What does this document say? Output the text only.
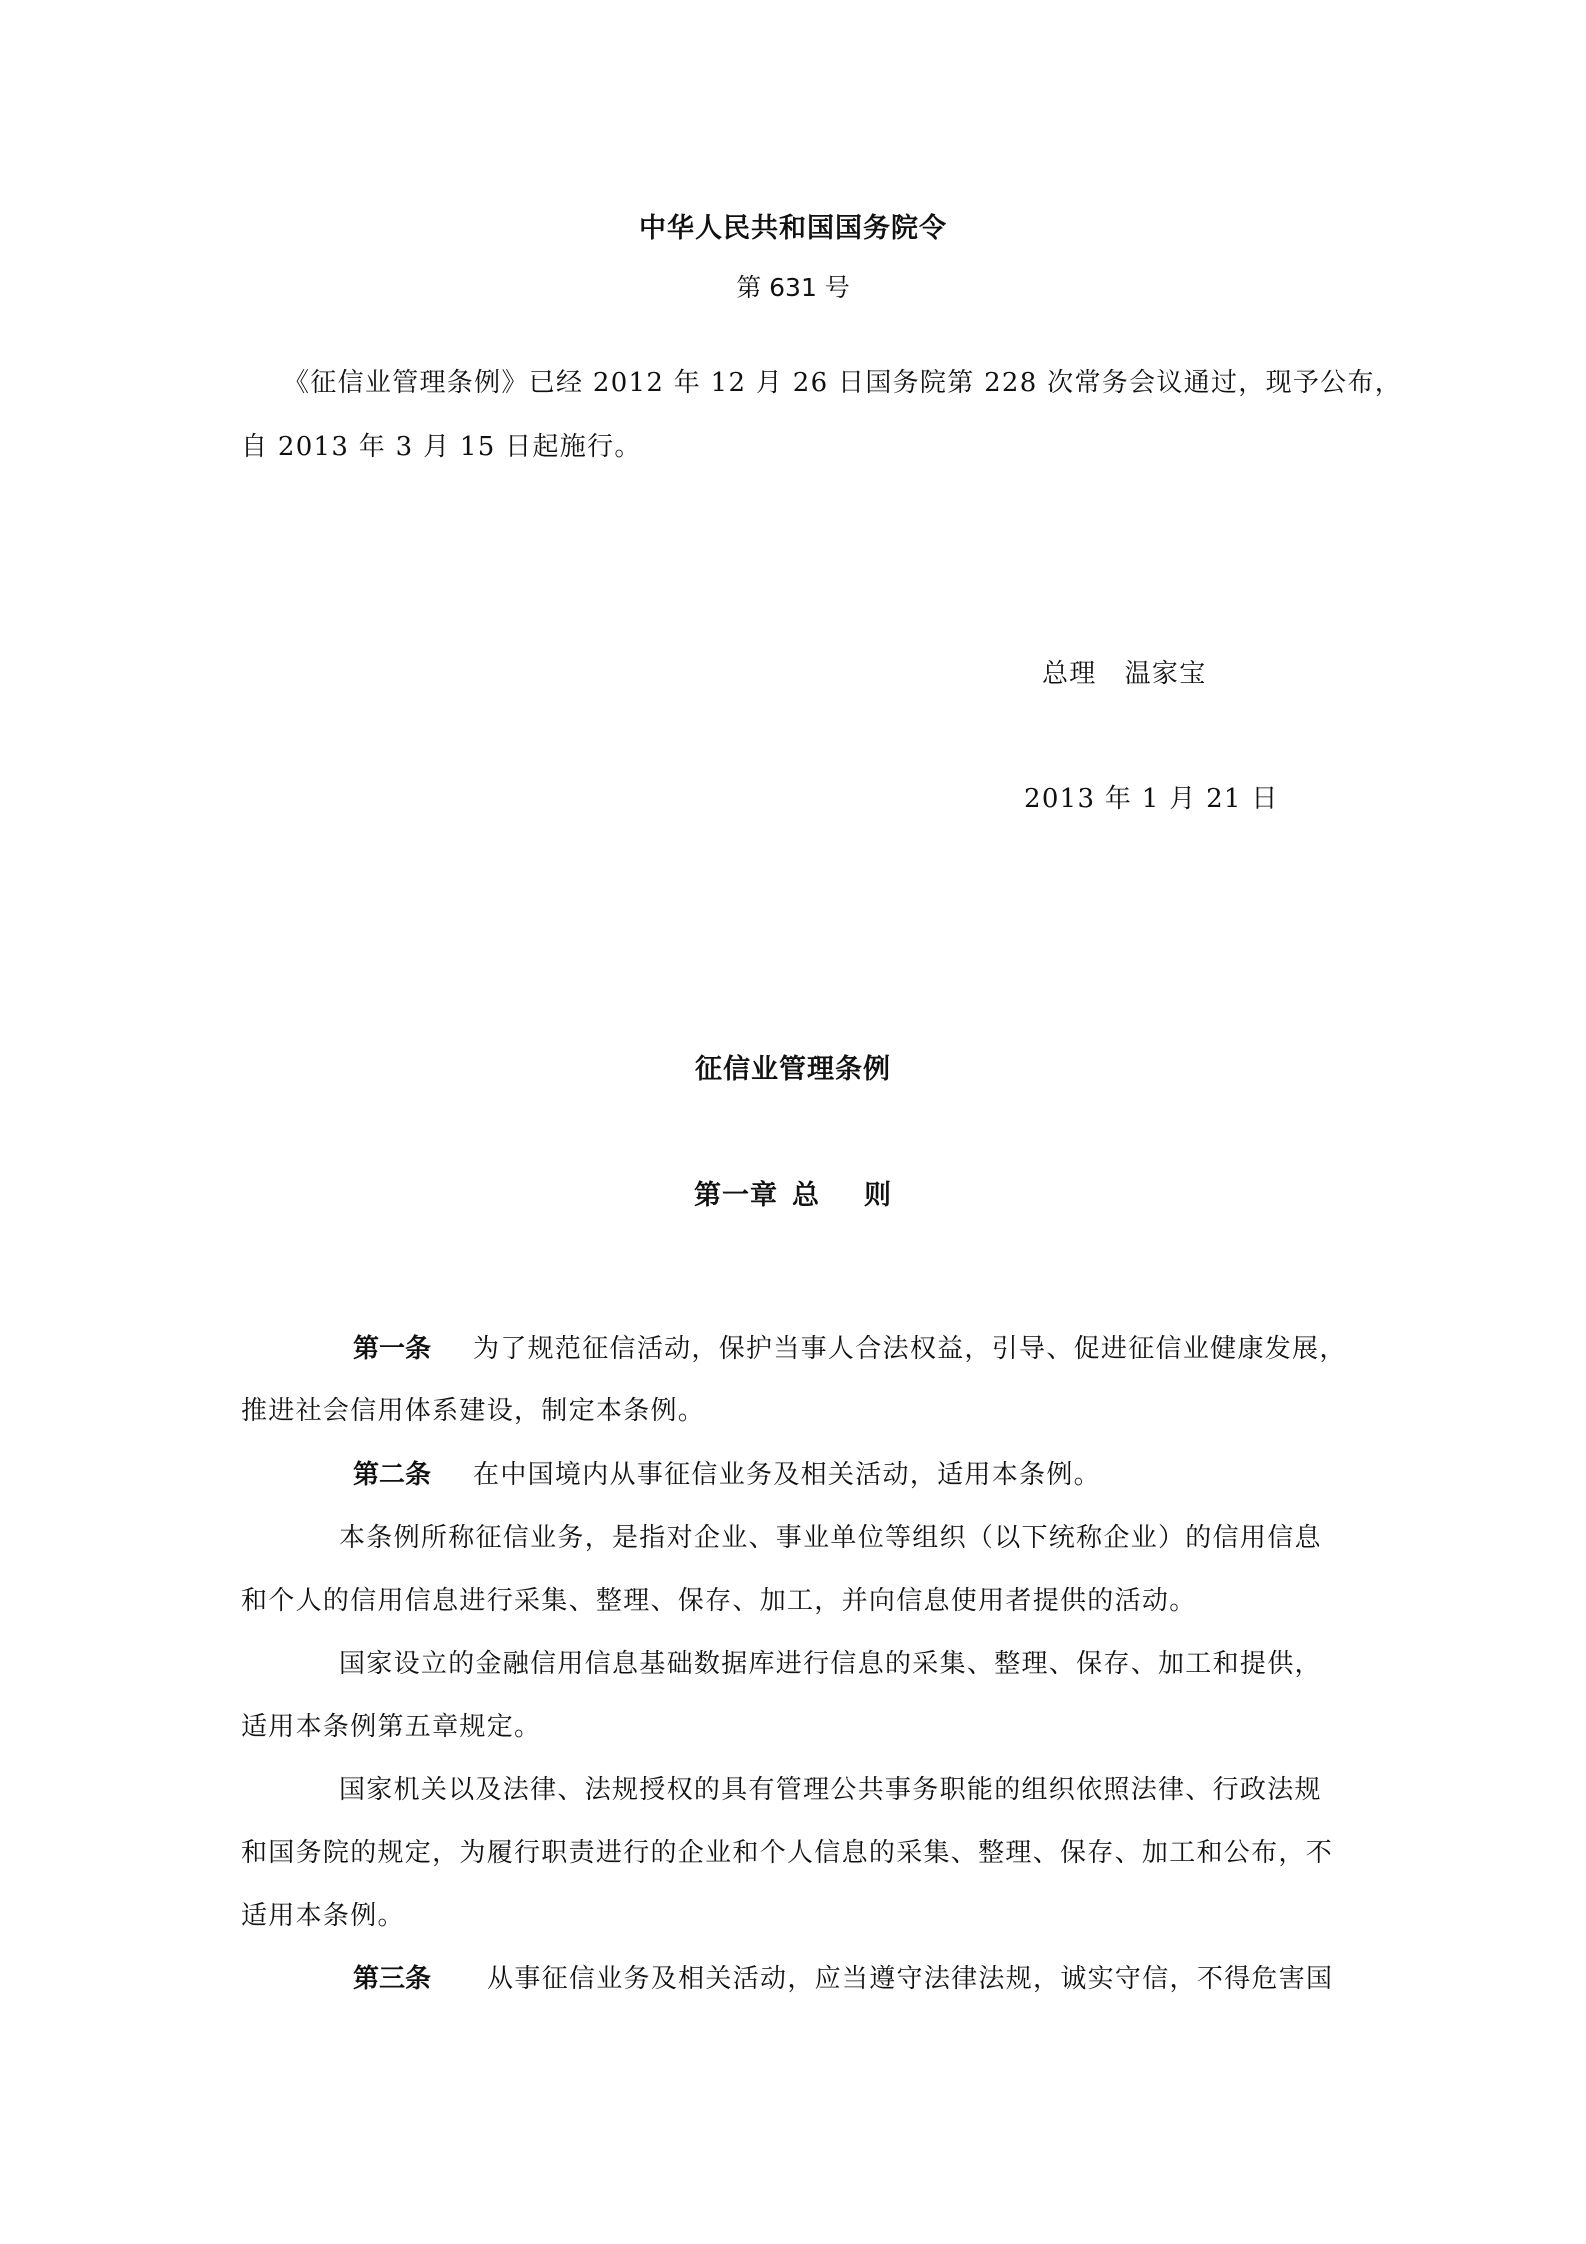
中华人民共和国国务院令
第 631 号
《征信业管理条例》已经 2012 年 12 月 26 日国务院第 228 次常务会议通过，现予公布，
自 2013 年 3 月 15 日起施行。
总理 温家宝
2013 年 1 月 21 日
征信业管理条例
第一章 总 则
第一条 为了规范征信活动，保护当事人合法权益，引导、促进征信业健康发展，
推进社会信用体系建设，制定本条例。
第二条 在中国境内从事征信业务及相关活动，适用本条例。
本条例所称征信业务，是指对企业、事业单位等组织（以下统称企业）的信用信息
和个人的信用信息进行采集、整理、保存、加工，并向信息使用者提供的活动。
国家设立的金融信用信息基础数据库进行信息的采集、整理、保存、加工和提供，
适用本条例第五章规定。
国家机关以及法律、法规授权的具有管理公共事务职能的组织依照法律、行政法规
和国务院的规定，为履行职责进行的企业和个人信息的采集、整理、保存、加工和公布，不
适用本条例。
第三条 从事征信业务及相关活动，应当遵守法律法规，诚实守信，不得危害国
